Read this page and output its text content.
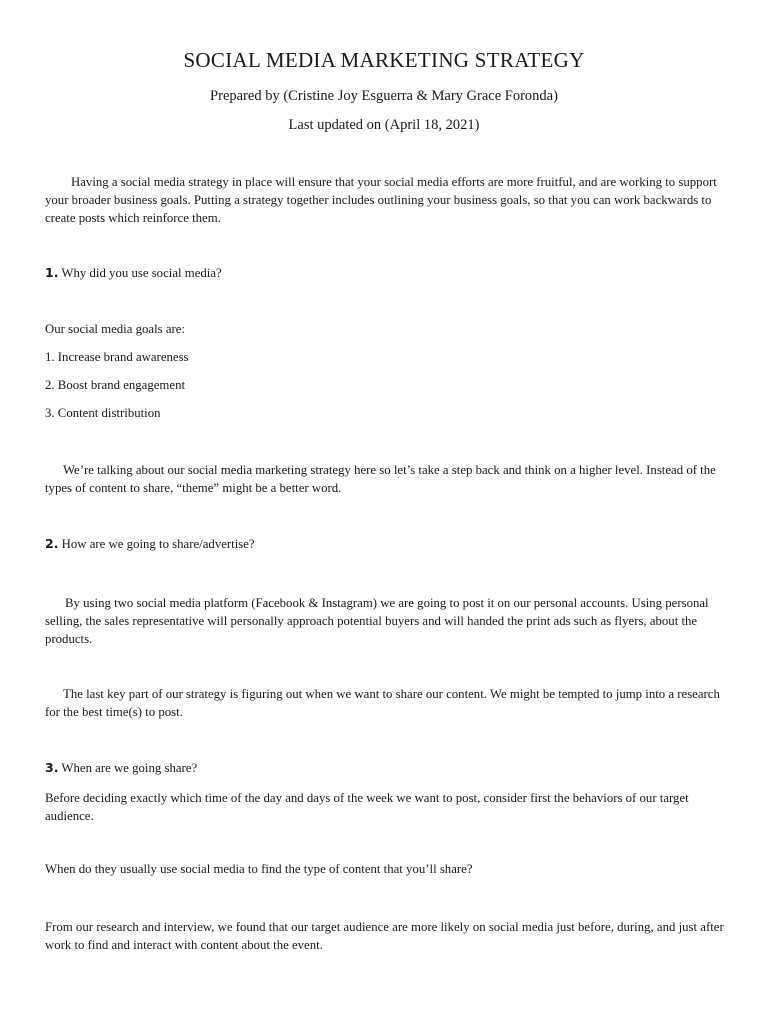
SOCIAL MEDIA MARKETING STRATEGY

Prepared by (Cristine Joy Esguerra & Mary Grace Foronda)

Last updated on (April 18, 2021)

Having a social media strategy in place will ensure that your social media efforts are more fruitful, and are working to support your broader business goals. Putting a strategy together includes outlining your business goals, so that you can work backwards to create posts which reinforce them.

1. Why did you use social media?

Our social media goals are:

1. Increase brand awareness

2. Boost brand engagement

3. Content distribution

We’re talking about our social media marketing strategy here so let’s take a step back and think on a higher level. Instead of the types of content to share, “theme” might be a better word.

2. How are we going to share/advertise?

By using two social media platform (Facebook & Instagram) we are going to post it on our personal accounts. Using personal selling, the sales representative will personally approach potential buyers and will handed the print ads such as flyers, about the products.

The last key part of our strategy is figuring out when we want to share our content. We might be tempted to jump into a research for the best time(s) to post.

3. When are we going share?

Before deciding exactly which time of the day and days of the week we want to post, consider first the behaviors of our target audience.

When do they usually use social media to find the type of content that you’ll share?

From our research and interview, we found that our target audience are more likely on social media just before, during, and just after work to find and interact with content about the event.
